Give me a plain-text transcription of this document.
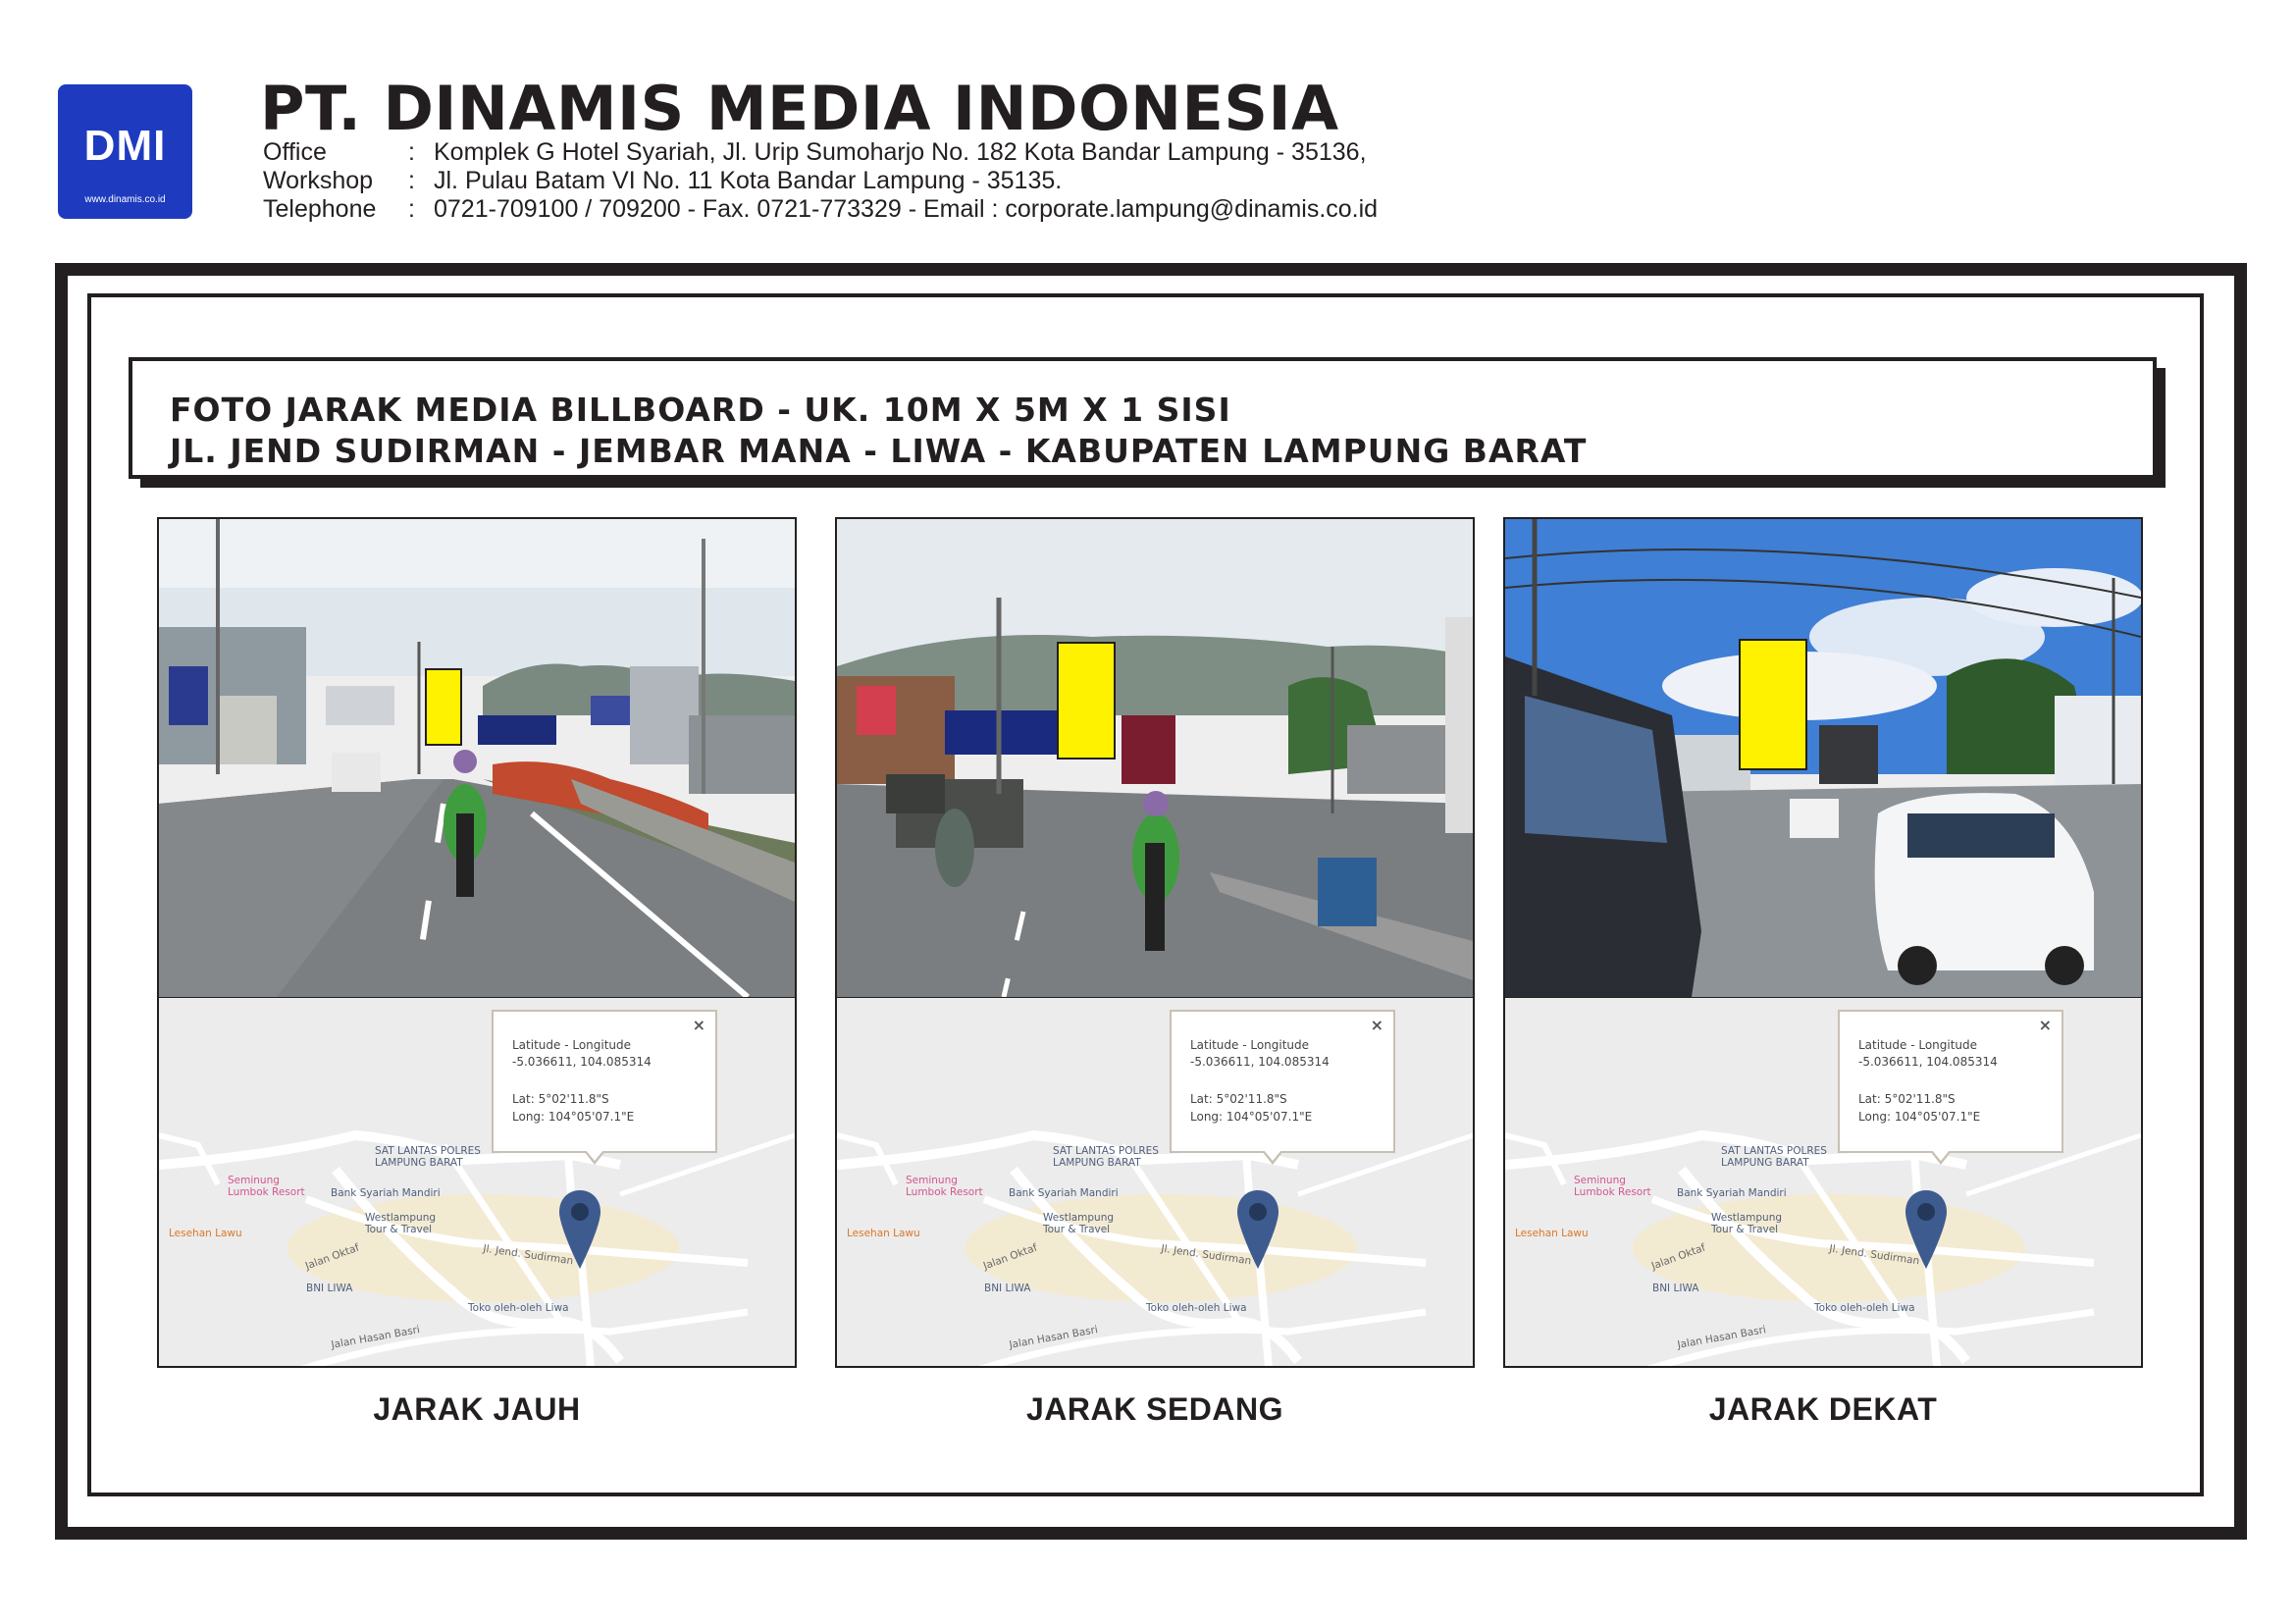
DMI
www.dinamis.co.id
PT. DINAMIS MEDIA INDONESIA
Office	: Komplek G Hotel Syariah, Jl. Urip Sumoharjo No. 182 Kota Bandar Lampung - 35136,
Workshop	: Jl. Pulau Batam VI No. 11 Kota Bandar Lampung - 35135.
Telephone	: 0721-709100 / 709200 - Fax. 0721-773329 - Email : corporate.lampung@dinamis.co.id
FOTO JARAK MEDIA BILLBOARD - UK. 10M X 5M X 1 SISI
JL. JEND SUDIRMAN - JEMBAR MANA - LIWA - KABUPATEN LAMPUNG BARAT
SAT LANTAS POLRES
LAMPUNG BARAT
Seminung
Lumbok Resort	Bank Syariah Mandiri
Westlampung
Tour & Travel
Lesehan Lawu
Jalan Oktaf	Jl. Jend. Sudirman
BNI LIWA
Toko oleh-oleh Liwa
Jalan Hasan Basri
×
Latitude - Longitude
-5.036611, 104.085314
Lat: 5°02'11.8"S
Long: 104°05'07.1"E
JARAK JAUH
SAT LANTAS POLRES
LAMPUNG BARAT
Seminung
Lumbok Resort	Bank Syariah Mandiri
Westlampung
Tour & Travel
Lesehan Lawu
Jalan Oktaf	Jl. Jend. Sudirman
BNI LIWA
Toko oleh-oleh Liwa
Jalan Hasan Basri
×
Latitude - Longitude
-5.036611, 104.085314
Lat: 5°02'11.8"S
Long: 104°05'07.1"E
JARAK SEDANG
SAT LANTAS POLRES
LAMPUNG BARAT
Seminung
Lumbok Resort	Bank Syariah Mandiri
Westlampung
Tour & Travel
Lesehan Lawu
Jalan Oktaf	Jl. Jend. Sudirman
BNI LIWA
Toko oleh-oleh Liwa
Jalan Hasan Basri
×
Latitude - Longitude
-5.036611, 104.085314
Lat: 5°02'11.8"S
Long: 104°05'07.1"E
JARAK DEKAT
